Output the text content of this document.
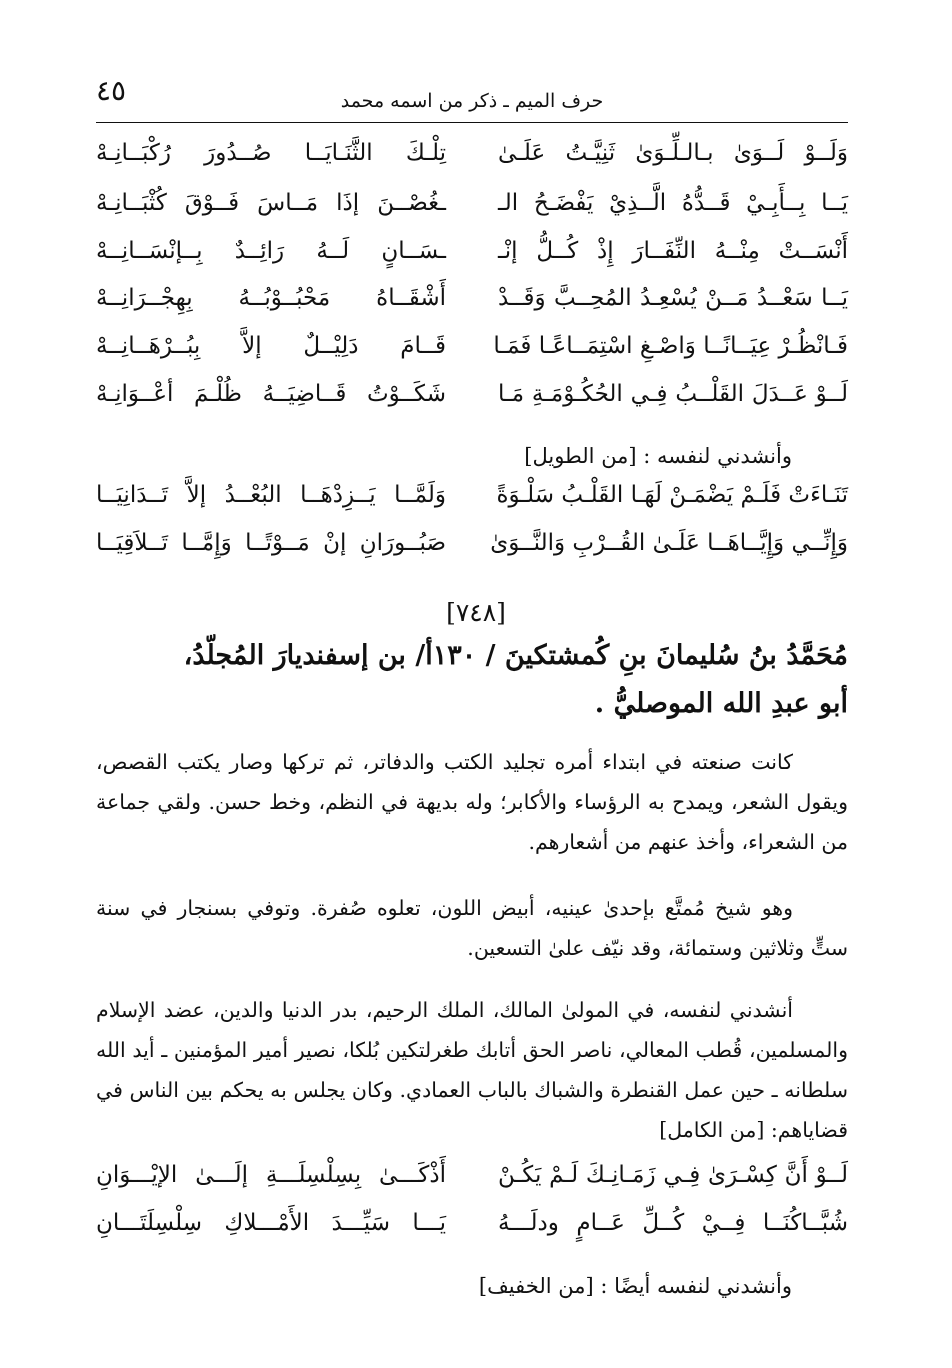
٤٥	حرف الميم ـ ذكر من اسمه محمد
وَلَــوْ لَــوَىٰ بـالـلِّـوَىٰ ثَنِيَّـتُ عَلَـىٰ
تِلْـكَ الثَّنَـايَــا صُــدُورَ رُكْبَــانِـهْ
يَــا بِــأَبِـيْ قَــدُّهُ الَّــذِيْ يَفْضَـحُ الـ
ـغُصْــنَ إذَا مَــاسَ فَــوْقَ كُثْبَــانِـهْ
أَنْسَــتْ مِنْــهُ النِّفَــارَ إِذْ كُــلُّ إنْـ
ـسَــانٍ لَــهُ رَائِــدٌ بِــإنْسَــانِــهْ
يَــا سَعْــدُ مَــنْ يُسْعِـدُ المُحِــبَّ وَقَــدْ
أَشْقَــاهُ مَحْبُــوْبُــهُ بِهِجْــرَانِــهْ
فَـانْظُـرْ عِيَــانًــا وَاصْـغِ اسْتِمَــاعًـا فَمَـا
قَــامَ دَلِيْــلٌ إلاَّ بِبُــرْهَــانِــهْ
لَــوْ عَــدَلَ القَلْــبُ فِـي الحُكُـوْمَـةِ مَـا
شَكَــوْتُ قَــاضِيَــهُ ظُلْـمَ أعْــوَانِـهْ
وأنشدني لنفسه : [من الطويل]
تَنَـاءَتْ فَلَـمْ يَضْمَـنْ لَهَـا القَلْـبُ سَلْـوَةً
وَلَمَّــا يَــزِدْهَــا البُعْــدُ إلاَّ تَــدَانِيَــا
وَإِنِّــي وَإِيَّــاهَــا عَلَـىٰ القُــرْبِ وَالنَّــوَىٰ
صَبُــورَانِ إنْ مَــوْتًــا وَإِمَّــا تَــلاَقِيَــا
[٧٤٨]
مُحَمَّدُ بنُ سُليمانَ بنِ كُمشتكينَ / ١٣٠أ/ بن إسفنديارَ المُجلّدُ،
أبو عبدِ الله الموصليُّ .
كانت صنعته في ابتداء أمره تجليد الكتب والدفاتر، ثم تركها وصار يكتب القصص، ويقول الشعر، ويمدح به الرؤساء والأكابر؛ وله بديهة في النظم، وخط حسن. ولقي جماعة من الشعراء، وأخذ عنهم من أشعارهم.
وهو شيخ مُمتَّع بإحدىٰ عينيه، أبيض اللون، تعلوه صُفرة. وتوفي بسنجار في سنة ستٍّ وثلاثين وستمائة، وقد نيّف علىٰ التسعين.
أنشدني لنفسه، في المولىٰ المالك، الملك الرحيم، بدر الدنيا والدين، عضد الإسلام والمسلمين، قُطب المعالي، ناصر الحق أتابك طغرلتكين بُلكا، نصير أمير المؤمنين ـ أيد الله سلطانه ـ حين عمل القنطرة والشباك بالباب العمادي. وكان يجلس به يحكم بين الناس في قضاياهم: [من الكامل]
لَــوْ أَنَّ كِسْـرَىٰ فِـي زَمَـانِـكَ لَـمْ يَكُـنْ
أَذْكَـــىٰ بِسِلْسِلَـــةِ إلَـــىٰ الإيْـــوَانِ
شُبَّــاكُنَــا فِــيْ كُــلِّ عَــامٍ ودلَـــهُ
يَـــا سَيِّـــدَ الأَمْـــلاكِ سِلْسِلَتَـــانِ
وأنشدني لنفسه أيضًا : [من الخفيف]
